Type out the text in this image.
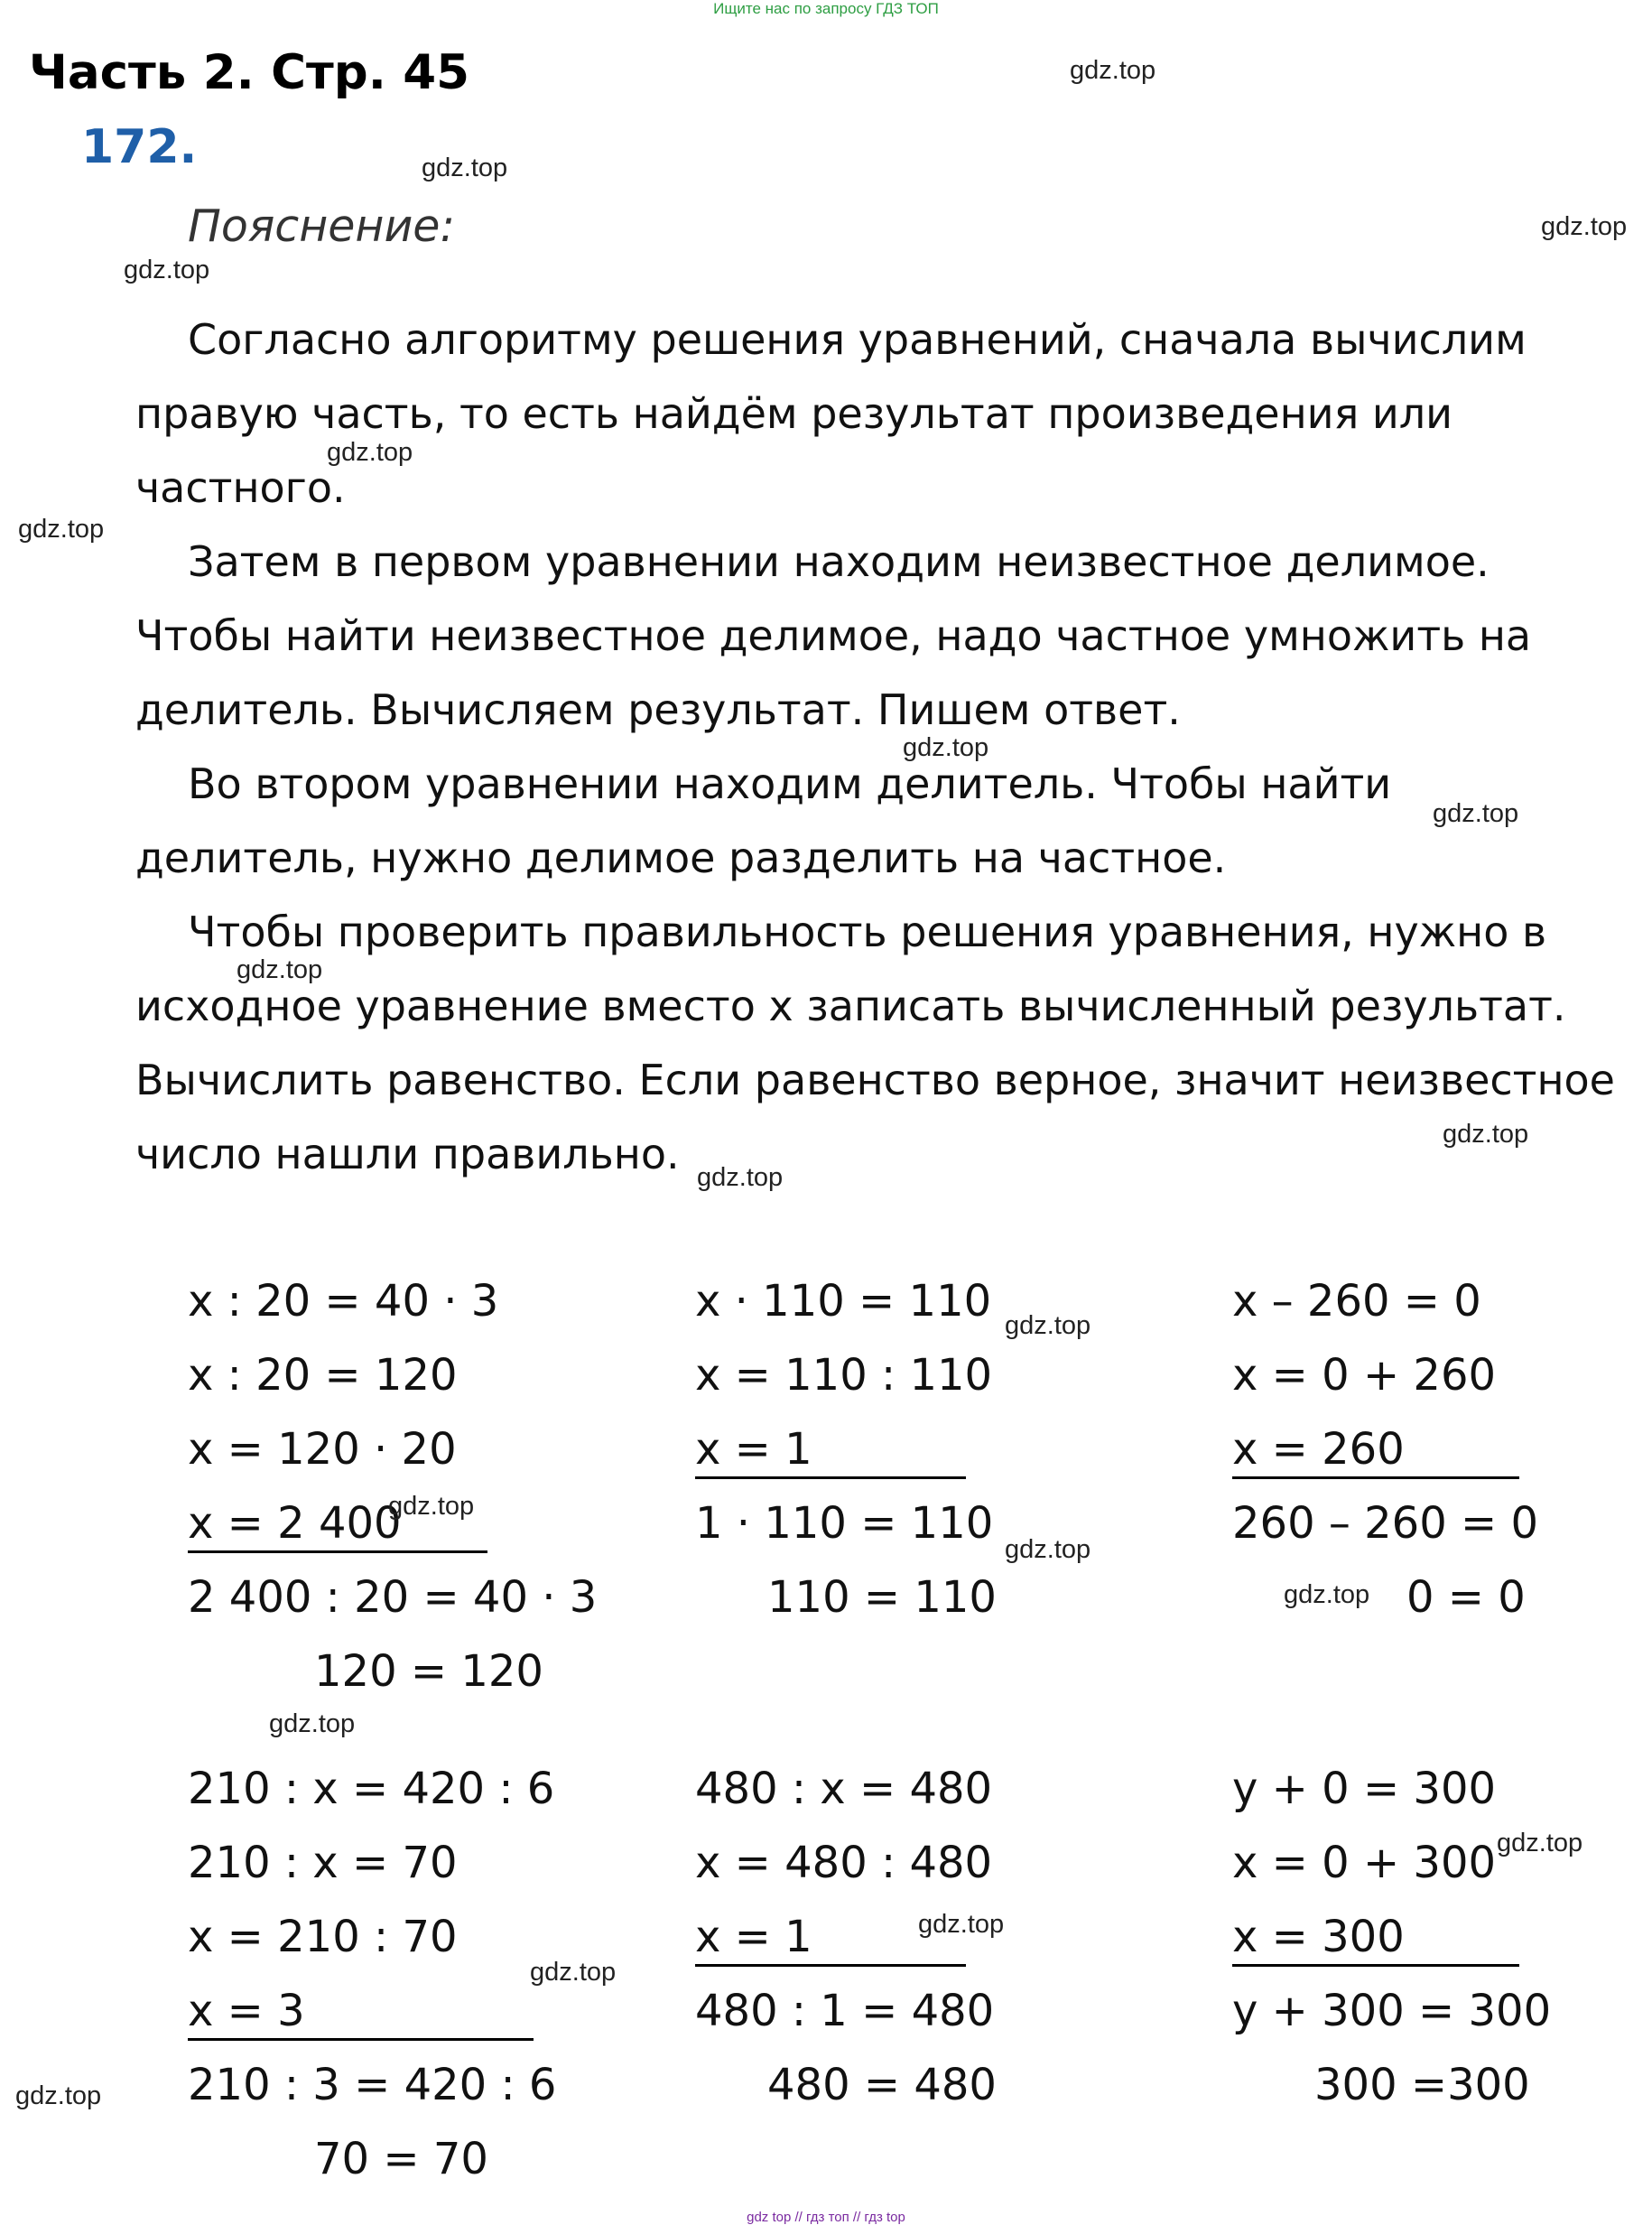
Ищите нас по запросу ГДЗ ТОП
gdz top // гдз топ // гдз top
Часть 2. Стр. 45
172.
Пояснение:
Согласно алгоритму решения уравнений, сначала вычислим
правую часть, то есть найдём результат произведения или
частного.
Затем в первом уравнении находим неизвестное делимое.
Чтобы найти неизвестное делимое, надо частное умножить на
делитель. Вычисляем результат. Пишем ответ.
Во втором уравнении находим делитель. Чтобы найти
делитель, нужно делимое разделить на частное.
Чтобы проверить правильность решения уравнения, нужно в
исходное уравнение вместо х записать вычисленный результат.
Вычислить равенство. Если равенство верное, значит неизвестное
число нашли правильно.
x : 20 = 40 · 3
x : 20 = 120
x = 120 · 20
x = 2 400
2 400 : 20 = 40 · 3
120 = 120
x · 110 = 110
x = 110 : 110
x = 1
1 · 110 = 110
110 = 110
x – 260 = 0
x = 0 + 260
x = 260
260 – 260 = 0
0 = 0
210 : x = 420 : 6
210 : x = 70
x = 210 : 70
x = 3
210 : 3 = 420 : 6
70 = 70
480 : x = 480
x = 480 : 480
x = 1
480 : 1 = 480
480 = 480
y + 0 = 300
x = 0 + 300
x = 300
y + 300 = 300
300 =300
gdz.top
gdz.top
gdz.top
gdz.top
gdz.top
gdz.top
gdz.top
gdz.top
gdz.top
gdz.top
gdz.top
gdz.top
gdz.top
gdz.top
gdz.top
gdz.top
gdz.top
gdz.top
gdz.top
gdz.top
